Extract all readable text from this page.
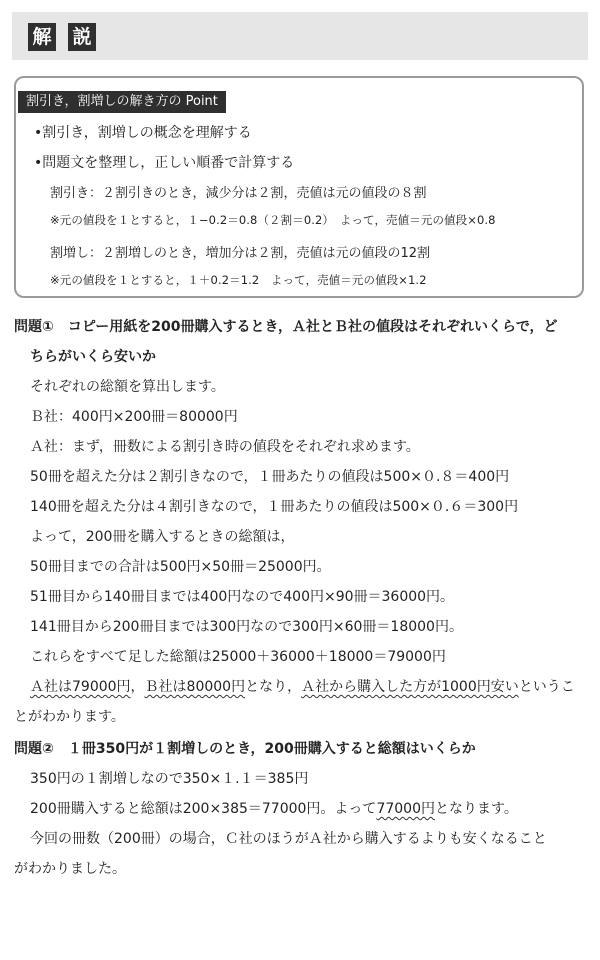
解 説
割引き，割増しの解き方の Point
•割引き，割増しの概念を理解する
•問題文を整理し，正しい順番で計算する
割引き：２割引きのとき，減少分は２割，売値は元の値段の８割
※元の値段を１とすると，１−0.2＝0.8（２割＝0.2）　よって，売値＝元の値段×0.8
割増し：２割増しのとき，増加分は２割，売値は元の値段の12割
※元の値段を１とすると，１＋0.2＝1.2　よって，売値＝元の値段×1.2
問題①　コピー用紙を200冊購入するとき，Ａ社とＢ社の値段はそれぞれいくらで，ど
ちらがいくら安いか
それぞれの総額を算出します。
Ｂ社：400円×200冊＝80000円
Ａ社：まず，冊数による割引き時の値段をそれぞれ求めます。
50冊を超えた分は２割引きなので，１冊あたりの値段は500×０.８＝400円
140冊を超えた分は４割引きなので，１冊あたりの値段は500×０.６＝300円
よって，200冊を購入するときの総額は，
50冊目までの合計は500円×50冊＝25000円。
51冊目から140冊目までは400円なので400円×90冊＝36000円。
141冊目から200冊目までは300円なので300円×60冊＝18000円。
これらをすべて足した総額は25000＋36000＋18000＝79000円
Ａ社は79000円，Ｂ社は80000円となり，Ａ社から購入した方が1000円安いというこ
とがわかります。
問題②　１冊350円が１割増しのとき，200冊購入すると総額はいくらか
350円の１割増しなので350×１.１＝385円
200冊購入すると総額は200×385＝77000円。よって77000円となります。
今回の冊数（200冊）の場合，Ｃ社のほうがＡ社から購入するよりも安くなること
がわかりました。
